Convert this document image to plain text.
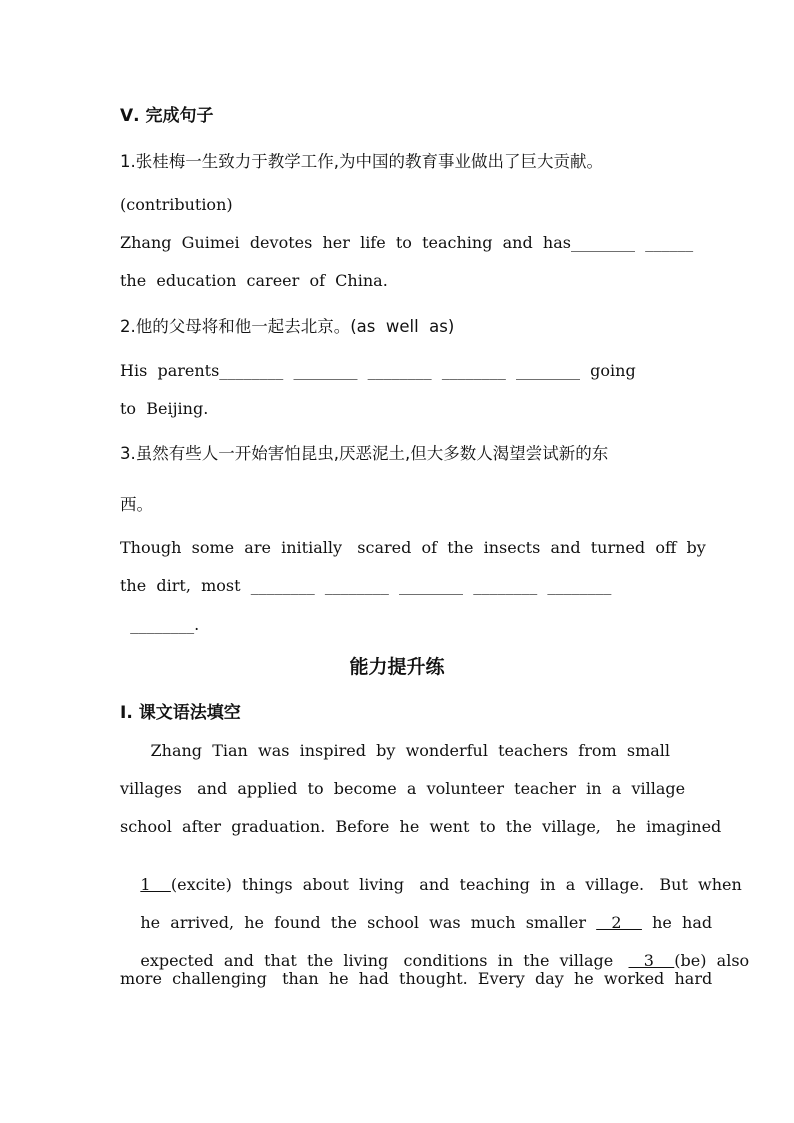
Ⅴ. 完成句子
1.张桂梅一生致力于教学工作,为中国的教育事业做出了巨大贡献。
(contribution)
Zhang  Guimei  devotes  her  life  to  teaching  and  has________  ______
the  education  career  of  China.
2.他的父母将和他一起去北京。(as  well  as)
His  parents________  ________  ________  ________  ________  going
to  Beijing.
3.虽然有些人一开始害怕昆虫,厌恶泥土,但大多数人渴望尝试新的东
西。
Though  some  are  initially   scared  of  the  insects  and  turned  off  by
the  dirt,  most  ________  ________  ________  ________  ________
________.
能力提升练
Ⅰ. 课文语法填空
Zhang  Tian  was  inspired  by  wonderful  teachers  from  small
villages   and  applied  to  become  a  volunteer  teacher  in  a  village
school  after  graduation.  Before  he  went  to  the  village,   he  imagined

1    (excite)  things  about  living   and  teaching  in  a  village.   But  when

he  arrived,  he  found  the  school  was  much  smaller     2      he  had

expected  and  that  the  living   conditions  in  the  village      3    (be)  also

more  challenging   than  he  had  thought.  Every  day  he  worked  hard
